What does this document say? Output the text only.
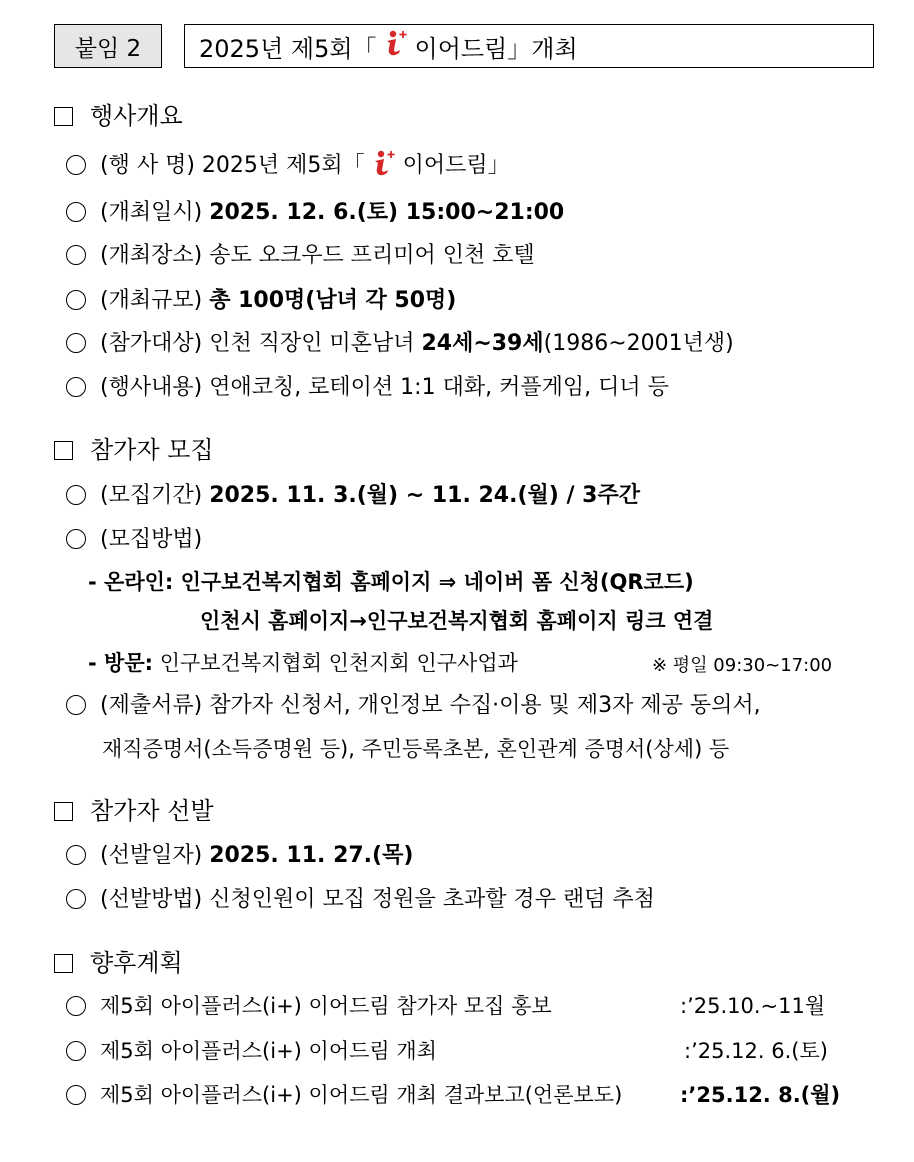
붙임 2	2025년 제5회「 이어드림」개최
행사개요
(행 사 명) 2025년 제5회「 이어드림」
(개최일시) 2025. 12. 6.(토) 15:00~21:00
(개최장소) 송도 오크우드 프리미어 인천 호텔
(개최규모) 총 100명(남녀 각 50명)
(참가대상) 인천 직장인 미혼남녀 24세~39세(1986~2001년생)
(행사내용) 연애코칭, 로테이션 1:1 대화, 커플게임, 디너 등
참가자 모집
(모집기간) 2025. 11. 3.(월) ~ 11. 24.(월) / 3주간
(모집방법)
- 온라인: 인구보건복지협회 홈페이지 ⇒ 네이버 폼 신청(QR코드)
인천시 홈페이지→인구보건복지협회 홈페이지 링크 연결
- 방문: 인구보건복지협회 인천지회 인구사업과	※ 평일 09:30∼17:00
(제출서류) 참가자 신청서, 개인정보 수집·이용 및 제3자 제공 동의서,
재직증명서(소득증명원 등), 주민등록초본, 혼인관계 증명서(상세) 등
참가자 선발
(선발일자) 2025. 11. 27.(목)
(선발방법) 신청인원이 모집 정원을 초과할 경우 랜덤 추첨
향후계획
제5회 아이플러스(i+) 이어드림 참가자 모집 홍보	:’25.10.~11월
제5회 아이플러스(i+) 이어드림 개최	:’25.12. 6.(토)
제5회 아이플러스(i+) 이어드림 개최 결과보고(언론보도)	:’25.12. 8.(월)
